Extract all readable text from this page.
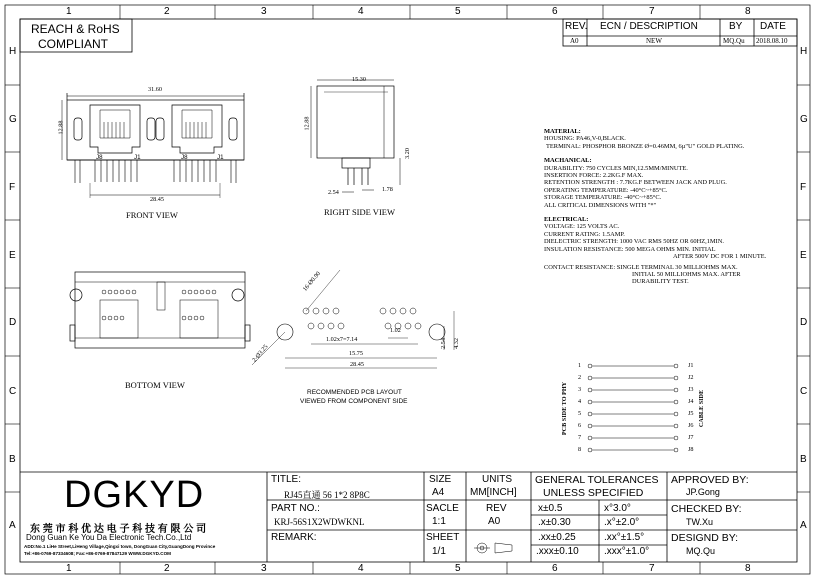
1	2	3	4	5	6	7	8
1	2	3	4	5	6	7	8
H
G
F
E
D
C
B
A
H
G
F
E
D
C
B
A
REACH & RoHS
COMPLIANT
REV. ECN / DESCRIPTION	BY DATE
A0	NEW	MQ.Qu 2018.08.10
31.60
12.88
28.45
J8	J1	J8	J1
FRONT VIEW
15.30
12.88
3.20
2.54	1.78
RIGHT SIDE VIEW
BOTTOM VIEW
16-Ø0.90
2-Ø3.25
1.02x7=7.14
1.02
15.75
28.45
2.54 4.32
RECOMMENDED PCB LAYOUT
VIEWED FROM COMPONENT SIDE
1
2
3
4
5
6
7
8
J1
J2
J3
J4
J5
J6
J7
J8
PCB SIDE TO PHY	CABLE SIDE
MATERIAL:
HOUSING: PA46,V-0,BLACK.
TERMINAL: PHOSPHOR BRONZE Ø=0.46MM, 6µ"U" GOLD PLATING.
MACHANICAL:
DURABILITY: 750 CYCLES MIN,12.5MM/MINUTE.
INSERTION FORCE: 2.2KG.F MAX.
RETENTION STRENGTH : 7.7KG.F BETWEEN JACK AND PLUG.
OPERATING TEMPERATURE: -40°C~+85°C.
STORAGE TEMPERATURE: -40°C~+85°C.
ALL CRITICAL DIMENSIONS WITH "*"
ELECTRICAL:
VOLTAGE: 125 VOLTS AC.
CURRENT RATING: 1.5AMP.
DIELECTRIC STRENGTH: 1000 VAC RMS 50HZ OR 60HZ,1MIN.
INSULATION RESISTANCE: 500 MEGA OHMS MIN. INITIAL
AFTER 500V DC FOR 1 MINUTE.
CONTACT RESISTANCE: SINGLE TERMINAL 30 MILLIOHMS MAX.
INITIAL 50 MILLIOHMS MAX. AFTER
DURABILITY TEST.
DGKYD
东 莞 市 科 优 达 电 子 科 技 有 限 公 司
Dong Guan Ke You Da Electronic Tech.Co.,Ltd
ADD:No.1 LiHe Street,LiHeng Village,Qingxi town, DongGuan City,GuangDong Province
Tel:+86-0769-87334608; Fax:+86-0769-87847129 WWW.DGKYD.COM
TITLE:
RJ45直通 56 1*2 8P8C
PART NO.:
KRJ-56S1X2WDWKNL
REMARK:
SIZE
A4
SACLE
1:1
SHEET
1/1
UNITS
MM[INCH]
REV
A0
GENERAL TOLERANCES
UNLESS SPECIFIED
x±0.5	x°3.0°
.x±0.30	.x°±2.0°
.xx±0.25	.xx°±1.5°
.xxx±0.10	.xxx°±1.0°
APPROVED BY:
JP.Gong
CHECKED BY:
TW.Xu
DESIGND BY:
MQ.Qu
